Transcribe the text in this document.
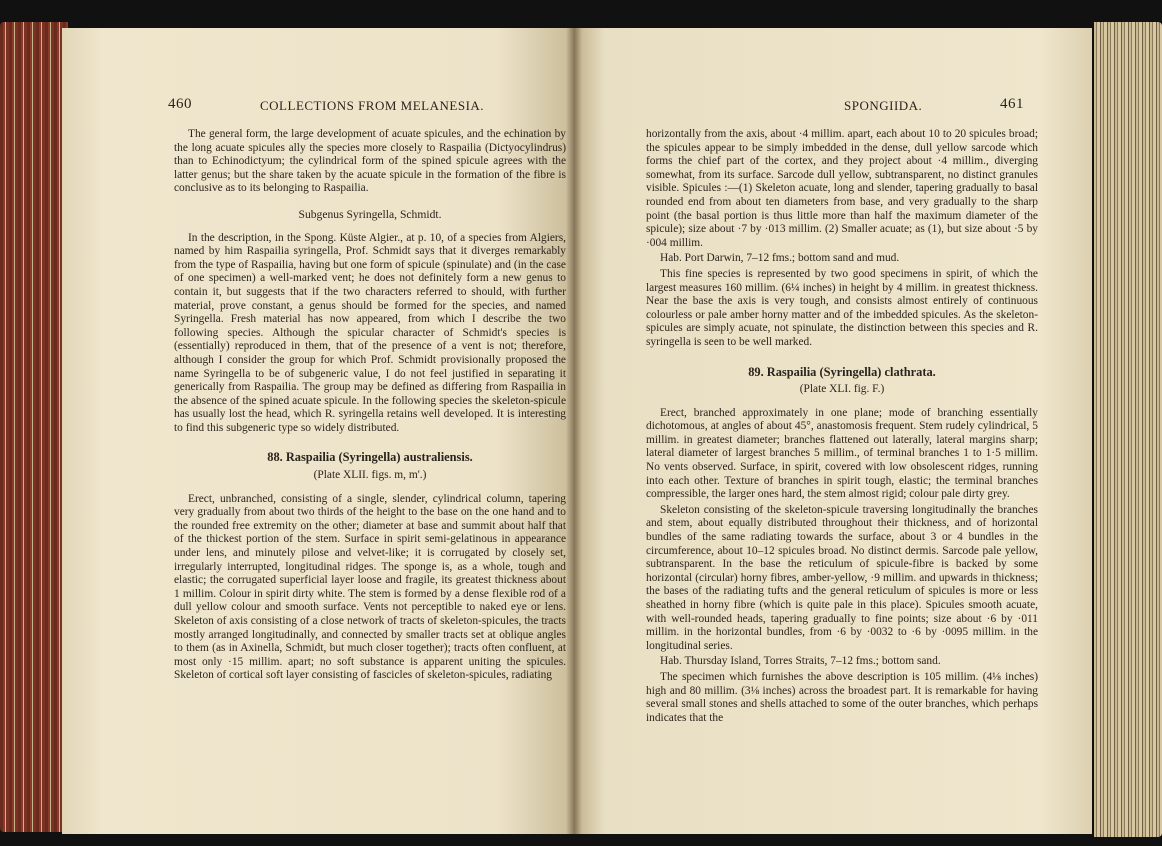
460	COLLECTIONS FROM MELANESIA.

The general form, the large development of acuate spicules, and the echination by the long acuate spicules ally the species more closely to Raspailia (Dictyocylindrus) than to Echinodictyum; the cylindrical form of the spined spicule agrees with the latter genus; but the share taken by the acuate spicule in the formation of the fibre is conclusive as to its belonging to Raspailia.

Subgenus Syringella, Schmidt.

In the description, in the Spong. Küste Algier., at p. 10, of a species from Algiers, named by him Raspailia syringella, Prof. Schmidt says that it diverges remarkably from the type of Raspailia, having but one form of spicule (spinulate) and (in the case of one specimen) a well-marked vent; he does not definitely form a new genus to contain it, but suggests that if the two characters referred to should, with further material, prove constant, a genus should be formed for the species, and named Syringella. Fresh material has now appeared, from which I describe the two following species. Although the spicular character of Schmidt's species is (essentially) reproduced in them, that of the presence of a vent is not; therefore, although I consider the group for which Prof. Schmidt provisionally proposed the name Syringella to be of subgeneric value, I do not feel justified in separating it generically from Raspailia. The group may be defined as differing from Raspailia in the absence of the spined acuate spicule. In the following species the skeleton-spicule has usually lost the head, which R. syringella retains well developed. It is interesting to find this subgeneric type so widely distributed.

88. Raspailia (Syringella) australiensis.

(Plate XLII. figs. m, m'.)

Erect, unbranched, consisting of a single, slender, cylindrical column, tapering very gradually from about two thirds of the height to the base on the one hand and to the rounded free extremity on the other; diameter at base and summit about half that of the thickest portion of the stem. Surface in spirit semi-gelatinous in appearance under lens, and minutely pilose and velvet-like; it is corrugated by closely set, irregularly interrupted, longitudinal ridges. The sponge is, as a whole, tough and elastic; the corrugated superficial layer loose and fragile, its greatest thickness about 1 millim. Colour in spirit dirty white. The stem is formed by a dense flexible rod of a dull yellow colour and smooth surface. Vents not perceptible to naked eye or lens. Skeleton of axis consisting of a close network of tracts of skeleton-spicules, the tracts mostly arranged longitudinally, and connected by smaller tracts set at oblique angles to them (as in Axinella, Schmidt, but much closer together); tracts often confluent, at most only ·15 millim. apart; no soft substance is apparent uniting the spicules. Skeleton of cortical soft layer consisting of fascicles of skeleton-spicules, radiating

SPONGIIDA.	461

horizontally from the axis, about ·4 millim. apart, each about 10 to 20 spicules broad; the spicules appear to be simply imbedded in the dense, dull yellow sarcode which forms the chief part of the cortex, and they project about ·4 millim., diverging somewhat, from its surface. Sarcode dull yellow, subtransparent, no distinct granules visible. Spicules :—(1) Skeleton acuate, long and slender, tapering gradually to basal rounded end from about ten diameters from base, and very gradually to the sharp point (the basal portion is thus little more than half the maximum diameter of the spicule); size about ·7 by ·013 millim. (2) Smaller acuate; as (1), but size about ·5 by ·004 millim.

Hab. Port Darwin, 7–12 fms.; bottom sand and mud.

This fine species is represented by two good specimens in spirit, of which the largest measures 160 millim. (6¼ inches) in height by 4 millim. in greatest thickness. Near the base the axis is very tough, and consists almost entirely of continuous colourless or pale amber horny matter and of the imbedded spicules. As the skeleton-spicules are simply acuate, not spinulate, the distinction between this species and R. syringella is seen to be well marked.

89. Raspailia (Syringella) clathrata.

(Plate XLI. fig. F.)

Erect, branched approximately in one plane; mode of branching essentially dichotomous, at angles of about 45°, anastomosis frequent. Stem rudely cylindrical, 5 millim. in greatest diameter; branches flattened out laterally, lateral margins sharp; lateral diameter of largest branches 5 millim., of terminal branches 1 to 1·5 millim. No vents observed. Surface, in spirit, covered with low obsolescent ridges, running into each other. Texture of branches in spirit tough, elastic; the terminal branches compressible, the larger ones hard, the stem almost rigid; colour pale dirty grey.

Skeleton consisting of the skeleton-spicule traversing longitudinally the branches and stem, about equally distributed throughout their thickness, and of horizontal bundles of the same radiating towards the surface, about 3 or 4 bundles in the circumference, about 10–12 spicules broad. No distinct dermis. Sarcode pale yellow, subtransparent. In the base the reticulum of spicule-fibre is backed by some horizontal (circular) horny fibres, amber-yellow, ·9 millim. and upwards in thickness; the bases of the radiating tufts and the general reticulum of spicules is more or less sheathed in horny fibre (which is quite pale in this place). Spicules smooth acuate, with well-rounded heads, tapering gradually to fine points; size about ·6 by ·011 millim. in the horizontal bundles, from ·6 by ·0032 to ·6 by ·0095 millim. in the longitudinal series.

Hab. Thursday Island, Torres Straits, 7–12 fms.; bottom sand.

The specimen which furnishes the above description is 105 millim. (4⅛ inches) high and 80 millim. (3⅛ inches) across the broadest part. It is remarkable for having several small stones and shells attached to some of the outer branches, which perhaps indicates that the
